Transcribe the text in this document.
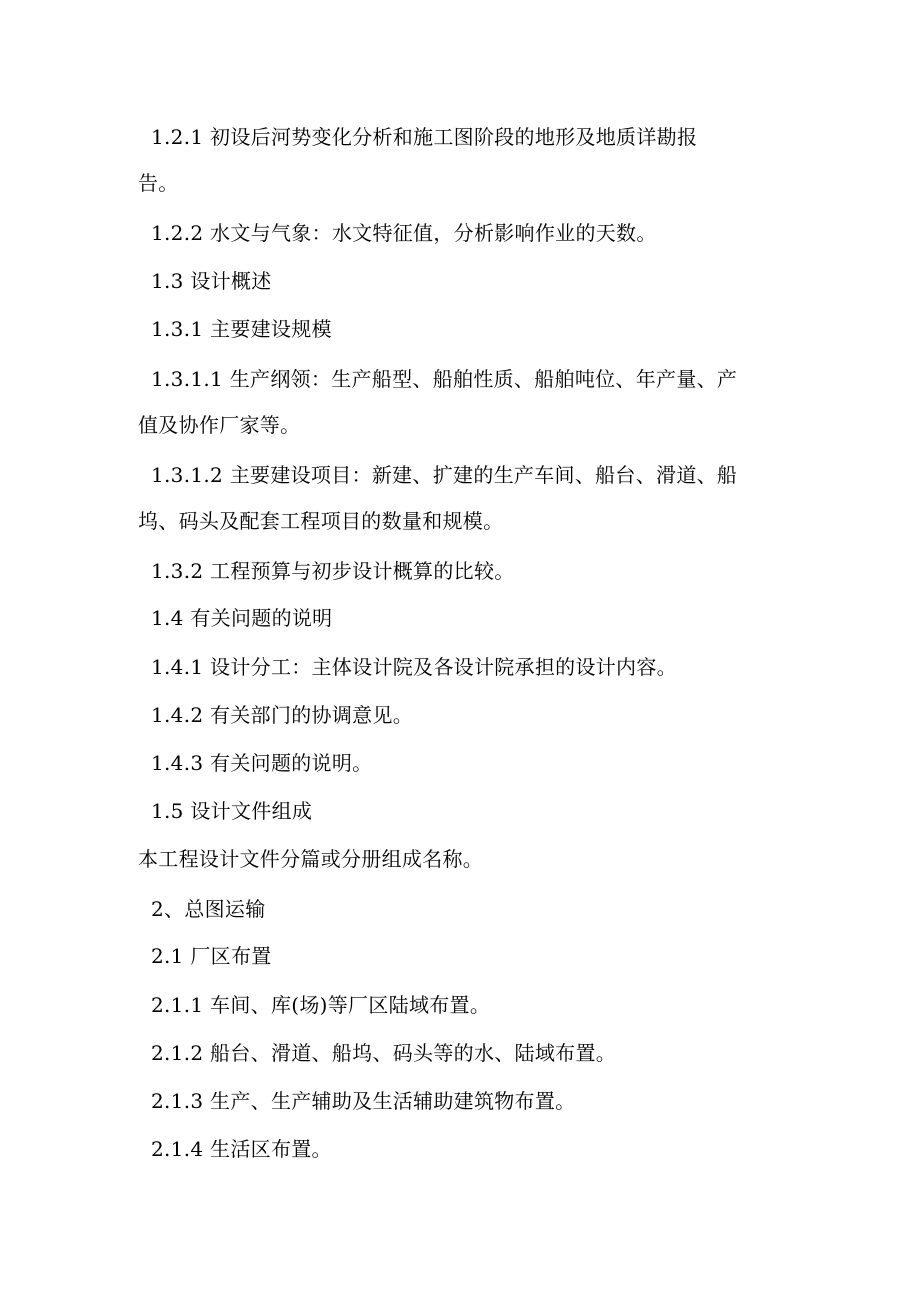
1.2.1 初设后河势变化分析和施工图阶段的地形及地质详勘报
告。
1.2.2 水文与气象：水文特征值，分析影响作业的天数。
1.3 设计概述
1.3.1 主要建设规模
1.3.1.1 生产纲领：生产船型、船舶性质、船舶吨位、年产量、产
值及协作厂家等。
1.3.1.2 主要建设项目：新建、扩建的生产车间、船台、滑道、船
坞、码头及配套工程项目的数量和规模。
1.3.2 工程预算与初步设计概算的比较。
1.4 有关问题的说明
1.4.1 设计分工：主体设计院及各设计院承担的设计内容。
1.4.2 有关部门的协调意见。
1.4.3 有关问题的说明。
1.5 设计文件组成
本工程设计文件分篇或分册组成名称。
2、总图运输
2.1 厂区布置
2.1.1 车间、库(场)等厂区陆域布置。
2.1.2 船台、滑道、船坞、码头等的水、陆域布置。
2.1.3 生产、生产辅助及生活辅助建筑物布置。
2.1.4 生活区布置。
